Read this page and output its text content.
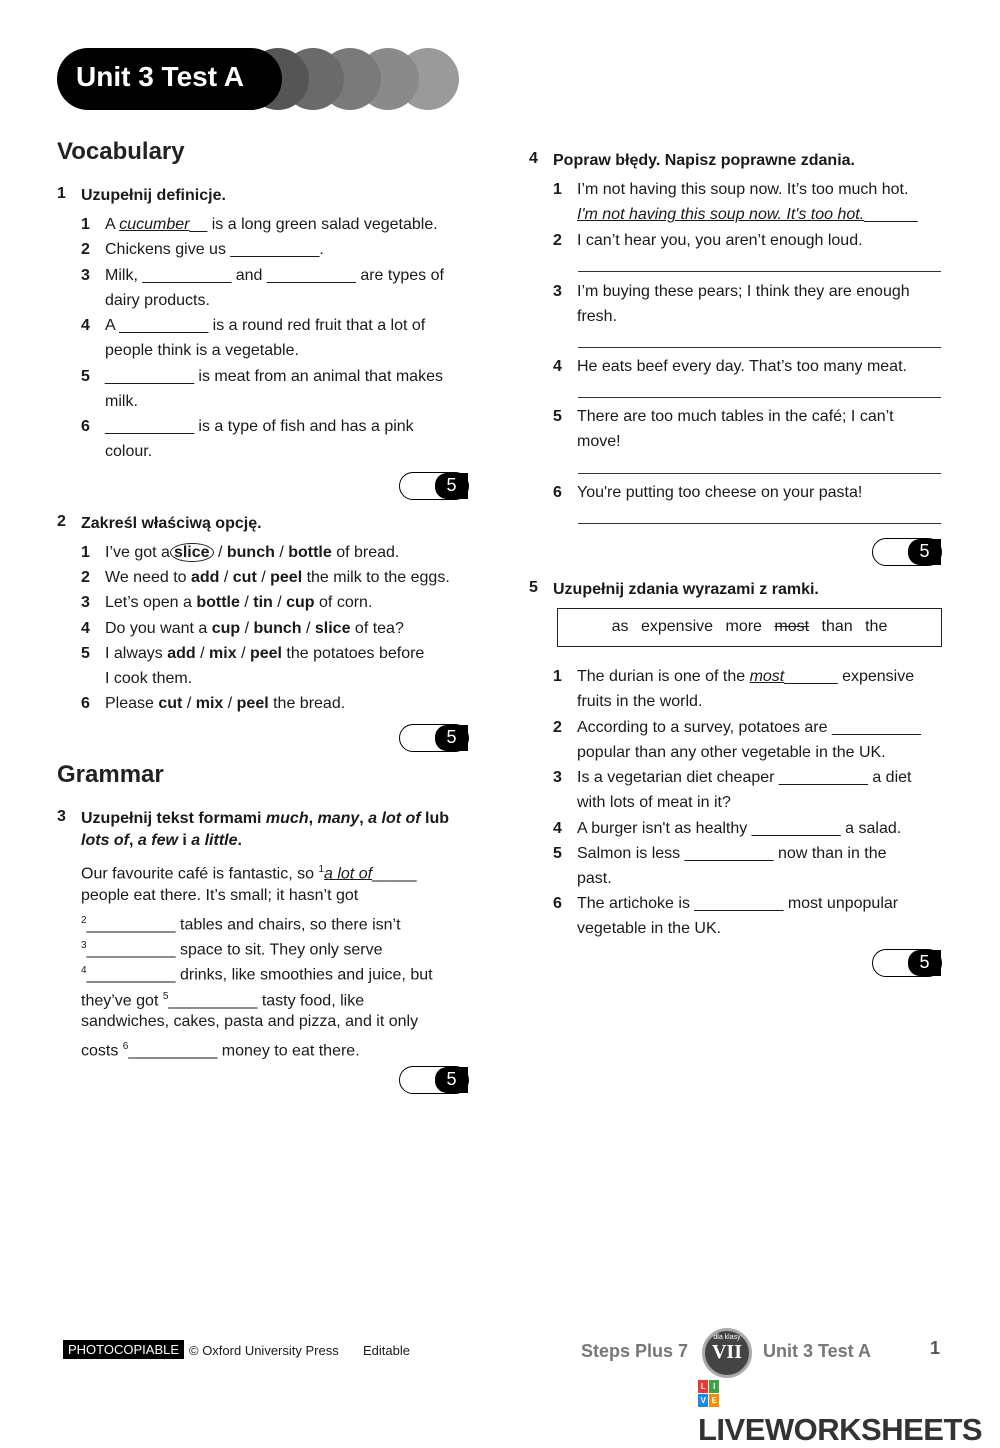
Unit 3 Test A
Vocabulary
1 Uzupełnij definicje.
1 A cucumber__ is a long green salad vegetable.
2 Chickens give us __________.
3 Milk, __________ and __________ are types of
dairy products.
4 A __________ is a round red fruit that a lot of
people think is a vegetable.
5 __________ is meat from an animal that makes
milk.
6 __________ is a type of fish and has a pink
colour.
5
2 Zakreśl właściwą opcję.
1 I’ve got a slice / bunch / bottle of bread.
2 We need to add / cut / peel the milk to the eggs.
3 Let’s open a bottle / tin / cup of corn.
4 Do you want a cup / bunch / slice of tea?
5 I always add / mix / peel the potatoes before
I cook them.
6 Please cut / mix / peel the bread.
5
Grammar
3 Uzupełnij tekst formami much, many, a lot of lub
lots of, a few i a little.
Our favourite café is fantastic, so $^1$a lot of_____
people eat there. It’s small; it hasn’t got
$^2$__________ tables and chairs, so there isn’t
$^3$__________ space to sit. They only serve
$^4$__________ drinks, like smoothies and juice, but
they’ve got $^5$__________ tasty food, like
sandwiches, cakes, pasta and pizza, and it only
costs $^6$__________ money to eat there.
5
4 Popraw błędy. Napisz poprawne zdania.
1 I’m not having this soup now. It’s too much hot.
I'm not having this soup now. It's too hot.______
2 I can’t hear you, you aren’t enough loud.
3 I’m buying these pears; I think they are enough
fresh.
4 He eats beef every day. That’s too many meat.
5 There are too much tables in the café; I can’t
move!
6 You're putting too cheese on your pasta!
5
5 Uzupełnij zdania wyrazami z ramki.
as expensive more most than the
1 The durian is one of the most______ expensive
fruits in the world.
2 According to a survey, potatoes are __________
popular than any other vegetable in the UK.
3 Is a vegetarian diet cheaper __________ a diet
with lots of meat in it?
4 A burger isn't as healthy __________ a salad.
5 Salmon is less __________ now than in the
past.
6 The artichoke is __________ most unpopular
vegetable in the UK.
5
PHOTOCOPIABLE © Oxford University Press Editable	Steps Plus 7
dla klasy
VII	Unit 3 Test A	1
L I
V E
LIVEWORKSHEETS
